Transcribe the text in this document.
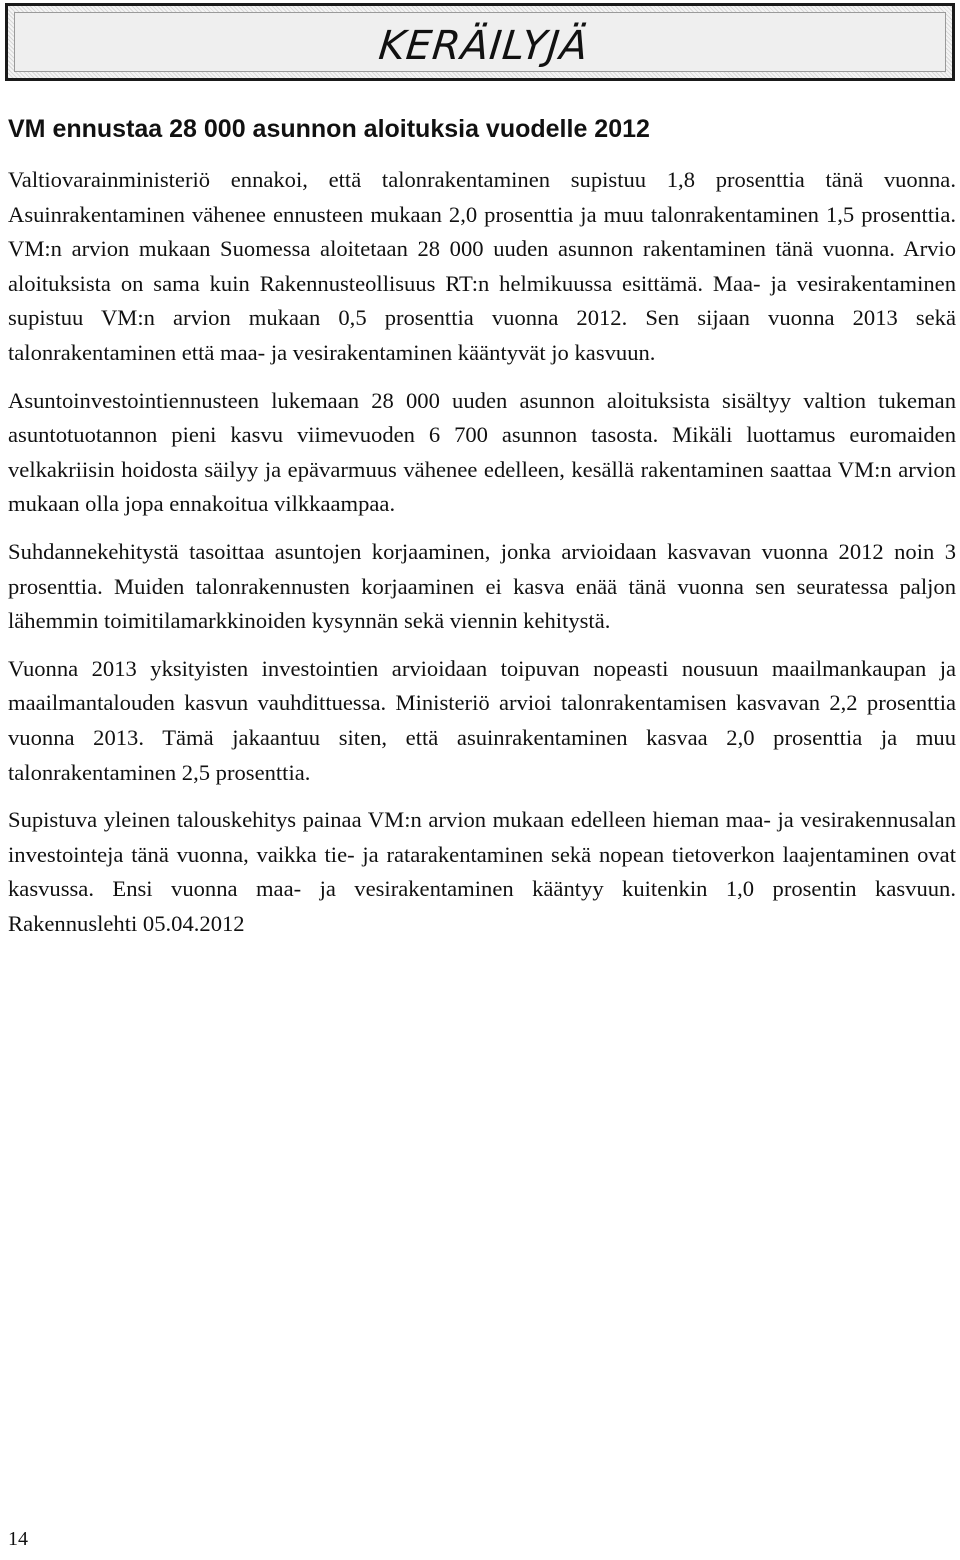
KERÄILYJÄ
VM ennustaa 28 000 asunnon aloituksia vuodelle 2012

Valtiovarainministeriö ennakoi, että talonrakentaminen supistuu 1,8 prosenttia tänä vuonna. Asuinrakentaminen vähenee ennusteen mukaan 2,0 prosenttia ja muu talonrakentaminen 1,5 prosenttia. VM:n arvion mukaan Suomessa aloitetaan 28 000 uuden asunnon rakentaminen tänä vuonna. Arvio aloituksista on sama kuin Rakennusteollisuus RT:n helmikuussa esittämä. Maa- ja vesirakentaminen supistuu VM:n arvion mukaan 0,5 prosenttia vuonna 2012. Sen sijaan vuonna 2013 sekä talonrakentaminen että maa- ja vesirakentaminen kääntyvät jo kasvuun.

Asuntoinvestointiennusteen lukemaan 28 000 uuden asunnon aloituksista sisältyy valtion tukeman asuntotuotannon pieni kasvu viimevuoden 6 700 asunnon tasosta. Mikäli luottamus euromaiden velkakriisin hoidosta säilyy ja epävarmuus vähenee edelleen, kesällä rakentaminen saattaa VM:n arvion mukaan olla jopa ennakoitua vilkkaampaa.

Suhdannekehitystä tasoittaa asuntojen korjaaminen, jonka arvioidaan kasvavan vuonna 2012 noin 3 prosenttia. Muiden talonrakennusten korjaaminen ei kasva enää tänä vuonna sen seuratessa paljon lähemmin toimitilamarkkinoiden kysynnän sekä viennin kehitystä.

Vuonna 2013 yksityisten investointien arvioidaan toipuvan nopeasti nousuun maailmankaupan ja maailmantalouden kasvun vauhdittuessa. Ministeriö arvioi talonrakentamisen kasvavan 2,2 prosenttia vuonna 2013. Tämä jakaantuu siten, että asuinrakentaminen kasvaa 2,0 prosenttia ja muu talonrakentaminen 2,5 prosenttia.

Supistuva yleinen talouskehitys painaa VM:n arvion mukaan edelleen hieman maa- ja vesirakennusalan investointeja tänä vuonna, vaikka tie- ja ratarakentaminen sekä nopean tietoverkon laajentaminen ovat kasvussa. Ensi vuonna maa- ja vesirakentaminen kääntyy kuitenkin 1,0 prosentin kasvuun. Rakennuslehti 05.04.2012

14
